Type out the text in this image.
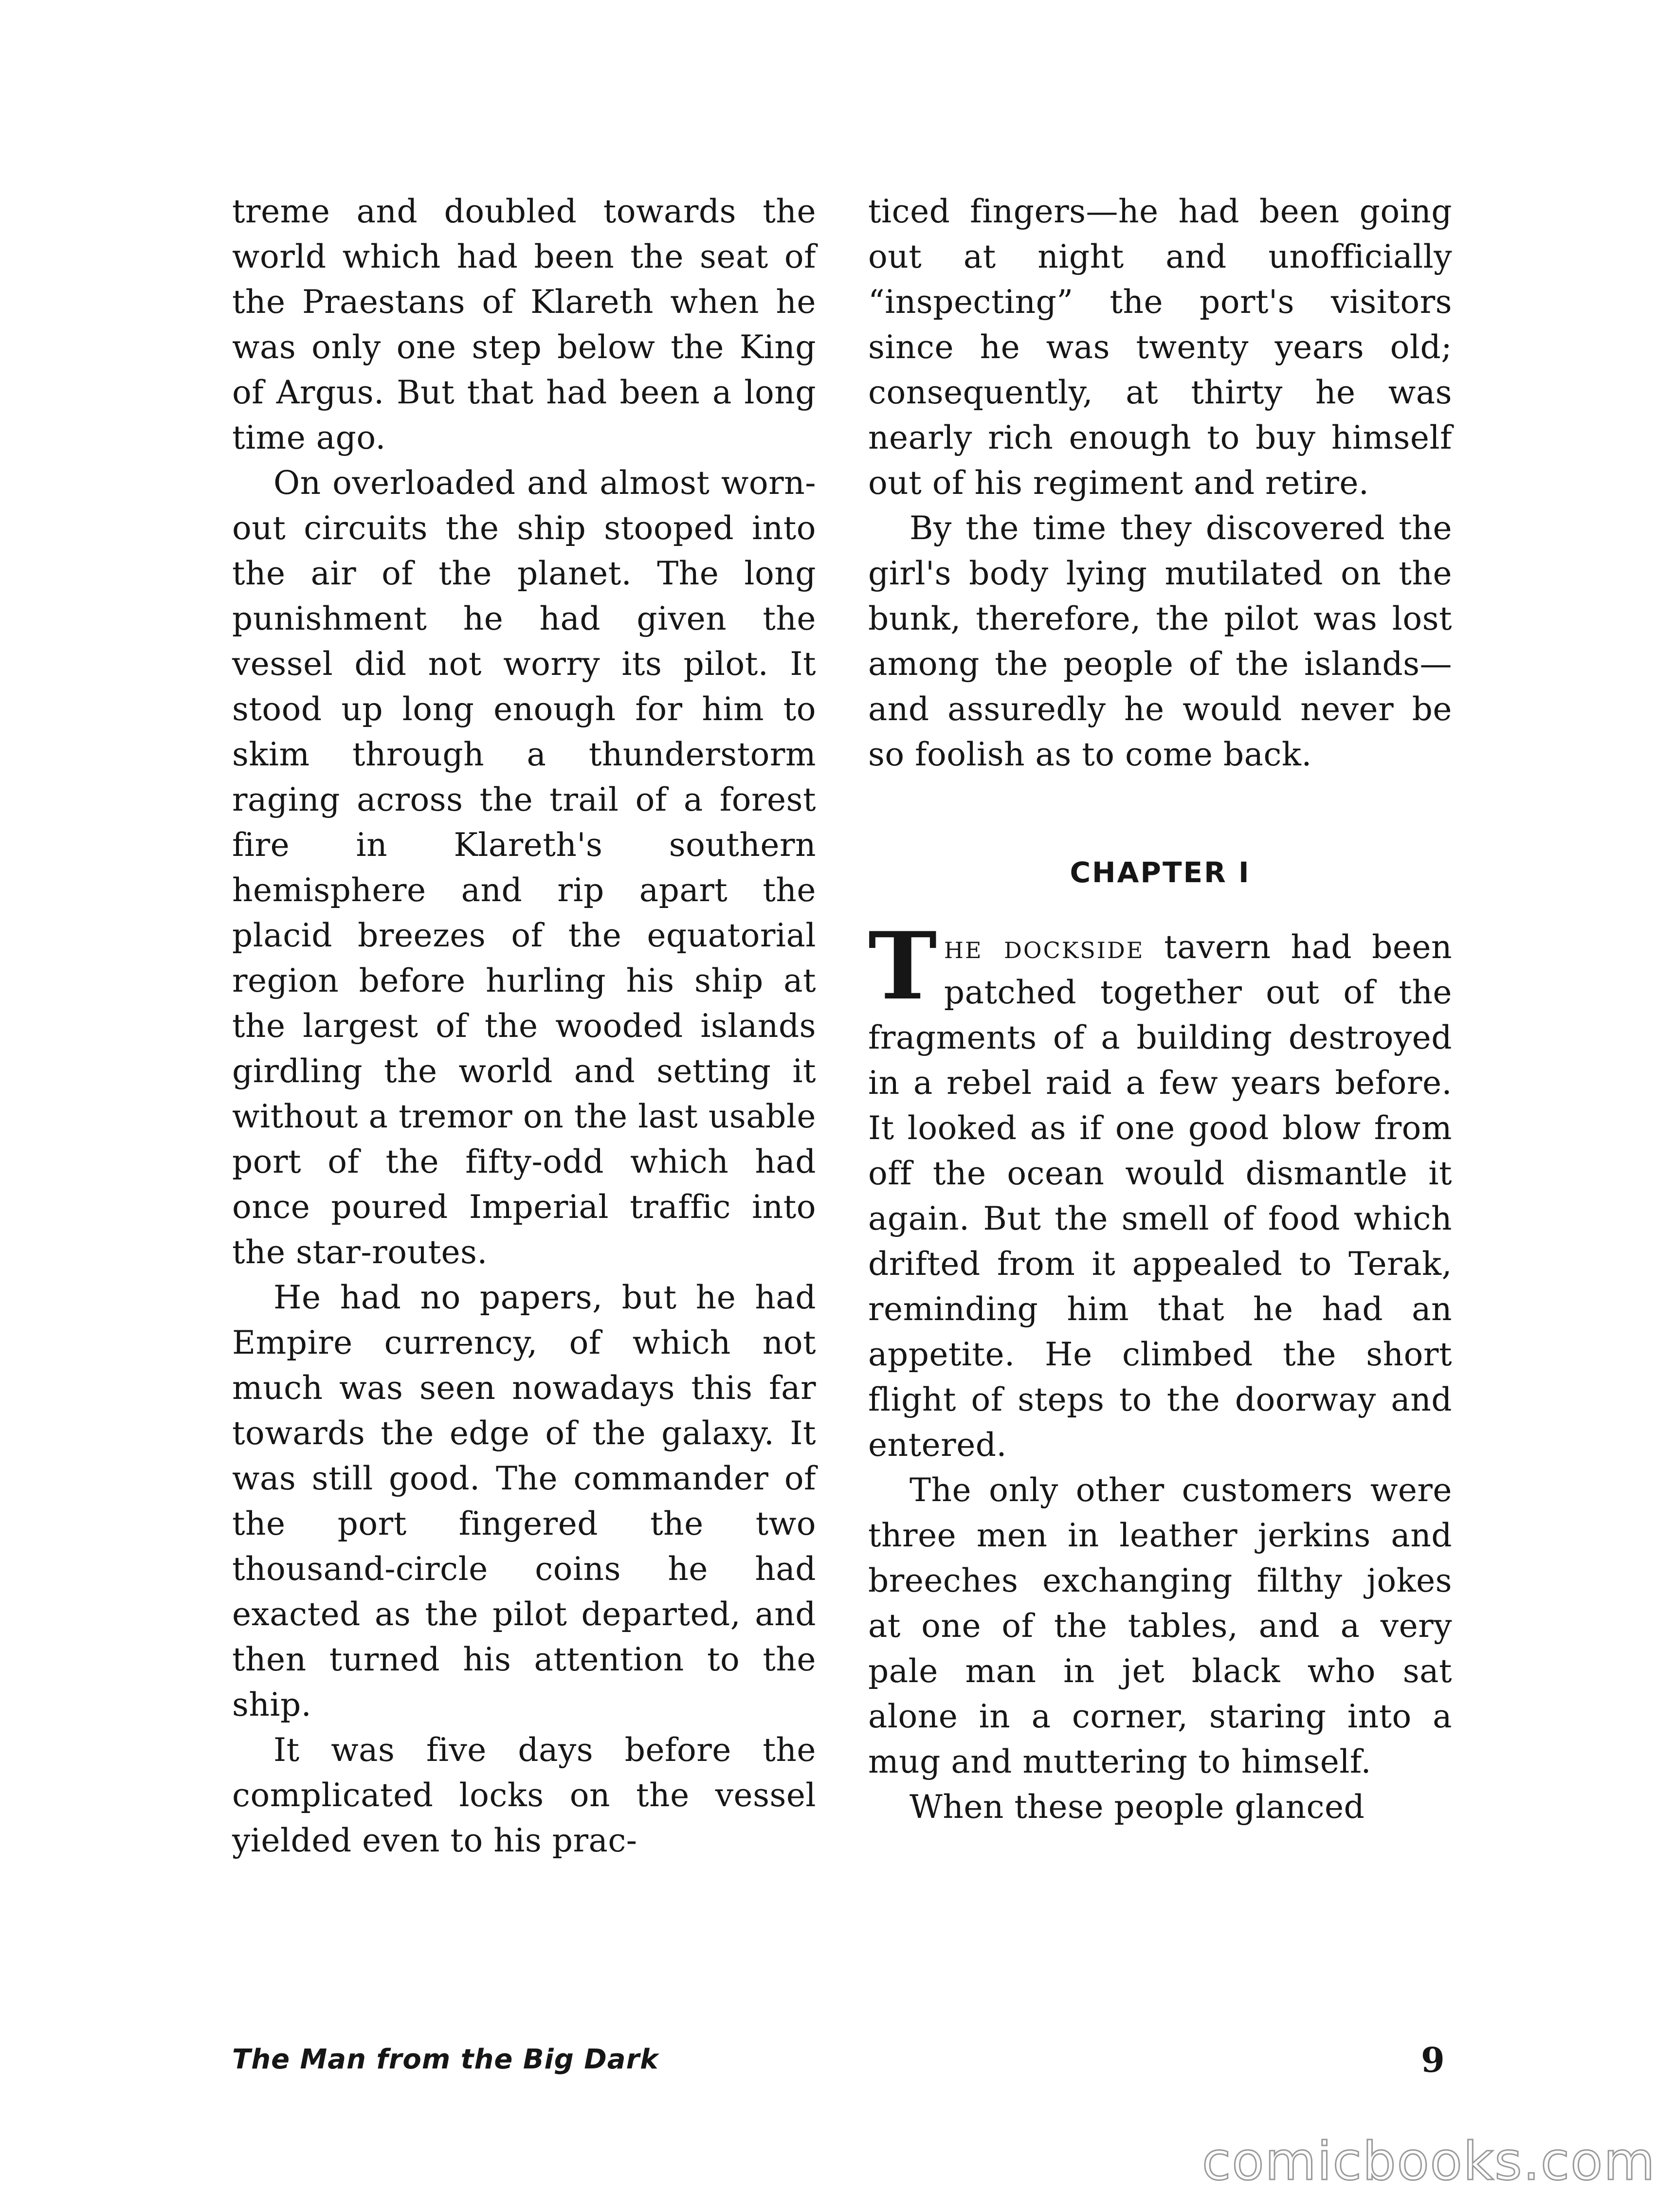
treme and doubled towards the world which had been the seat of the Praestans of Klareth when he was only one step below the King of Argus. But that had been a long time ago.

On overloaded and almost worn-out circuits the ship stooped into the air of the planet. The long punishment he had given the vessel did not worry its pilot. It stood up long enough for him to skim through a thunderstorm raging across the trail of a forest fire in Klareth's southern hemisphere and rip apart the placid breezes of the equatorial region before hurling his ship at the largest of the wooded islands girdling the world and setting it without a tremor on the last usable port of the fifty-odd which had once poured Imperial traffic into the star-routes.

He had no papers, but he had Empire currency, of which not much was seen nowadays this far towards the edge of the galaxy. It was still good. The commander of the port fingered the two thousand-circle coins he had exacted as the pilot departed, and then turned his attention to the ship.

It was five days before the complicated locks on the vessel yielded even to his prac-

ticed fingers—he had been going out at night and unofficially “inspecting” the port's visitors since he was twenty years old; consequently, at thirty he was nearly rich enough to buy himself out of his regiment and retire.

By the time they discovered the girl's body lying mutilated on the bunk, therefore, the pilot was lost among the people of the islands—and assuredly he would never be so foolish as to come back.

CHAPTER I

The dockside tavern had been patched together out of the fragments of a building destroyed in a rebel raid a few years before. It looked as if one good blow from off the ocean would dismantle it again. But the smell of food which drifted from it appealed to Terak, reminding him that he had an appetite. He climbed the short flight of steps to the doorway and entered.

The only other customers were three men in leather jerkins and breeches exchanging filthy jokes at one of the tables, and a very pale man in jet black who sat alone in a corner, staring into a mug and muttering to himself.

When these people glanced

The Man from the Big Dark	9
comicbooks.com
